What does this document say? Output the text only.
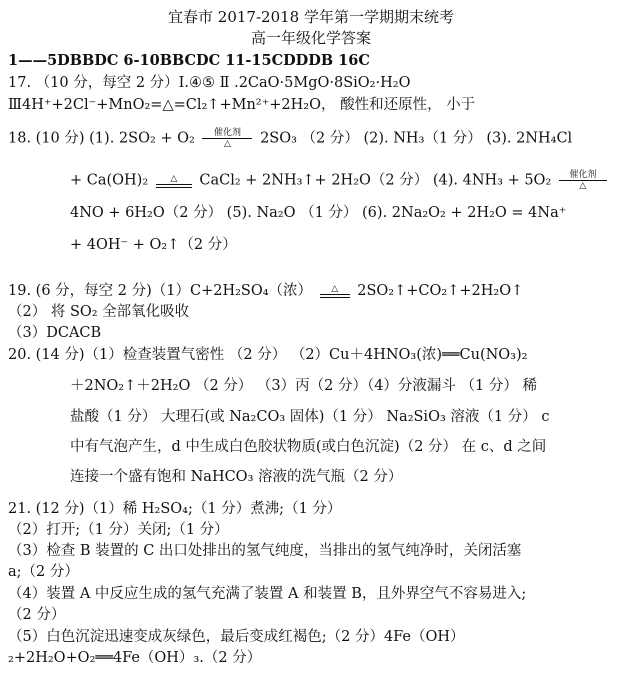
宜春市 2017-2018 学年第一学期期末统考
高一年级化学答案
1——5DBBDC 6-10BBCDC 11-15CDDDB 16C
17. （10 分，每空 2 分）Ⅰ.④⑤ Ⅱ .2CaO·5MgO·8SiO₂·H₂O
Ⅲ4H⁺+2Cl⁻+MnO₂=△=Cl₂↑+Mn²⁺+2H₂O， 酸性和还原性， 小于
18. (10 分) (1). 2SO₂ + O₂	催化剂
△	2SO₃ （2 分） (2). NH₃（1 分） (3). 2NH₄Cl
+ Ca(OH)₂	△	CaCl₂ + 2NH₃↑+ 2H₂O（2 分） (4). 4NH₃ + 5O₂	催化剂
△
4NO + 6H₂O（2 分） (5). Na₂O （1 分） (6). 2Na₂O₂ + 2H₂O = 4Na⁺
+ 4OH⁻ + O₂↑（2 分）
19. (6 分，每空 2 分)（1）C+2H₂SO₄（浓）	△	2SO₂↑+CO₂↑+2H₂O↑
（2） 将 SO₂ 全部氧化吸收
（3）DCACB
20. (14 分)（1）检查装置气密性 （2 分） （2）Cu＋4HNO₃(浓)══Cu(NO₃)₂
＋2NO₂↑＋2H₂O （2 分） （3）丙（2 分）（4）分液漏斗 （1 分） 稀
盐酸（1 分） 大理石(或 Na₂CO₃ 固体)（1 分） Na₂SiO₃ 溶液（1 分） c
中有气泡产生，d 中生成白色胶状物质(或白色沉淀)（2 分） 在 c、d 之间
连接一个盛有饱和 NaHCO₃ 溶液的洗气瓶（2 分）
21. (12 分)（1）稀 H₂SO₄;（1 分）煮沸;（1 分）
（2）打开;（1 分）关闭;（1 分）
（3）检查 B 装置的 C 出口处排出的氢气纯度，当排出的氢气纯净时，关闭活塞
a;（2 分）
（4）装置 A 中反应生成的氢气充满了装置 A 和装置 B，且外界空气不容易进入;
（2 分）
（5）白色沉淀迅速变成灰绿色，最后变成红褐色;（2 分）4Fe（OH）
₂+2H₂O+O₂══4Fe（OH）₃.（2 分）
